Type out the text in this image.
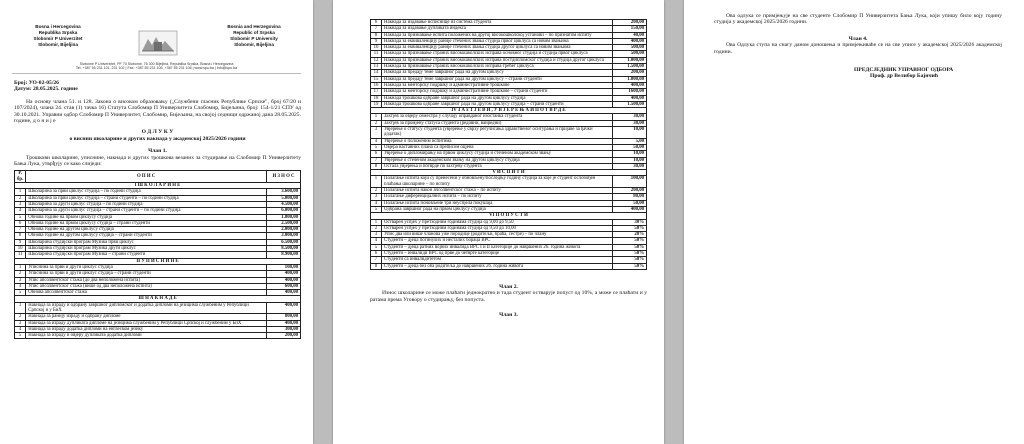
Bosna i Hercegovina
Republika Srpska
Slobomir P Univerzitet
Slobomir, Bijeljina
Bosnia and Herzegovina
Republic of Srpska
Slobomir P University
Slobomir, Bijeljina
Slobomir P Univerzitet, PF 70 Slobomir, 76 300 Bijeljina, Republika Srpska, Bosna i Hercegovina
Tel: +387 55 231 101, 231 102 | Fax: +387 55 231 105, +387 55 231 106 | www.spu.ba | info@spu.ba
Број: УО-02-05/26
Датум: 28.05.2025. године
На основу члана 51. и 128. Закона о високом образовању („Службени гласник Републике Српске", број 67/20 и 107/2024), члана 24. став (1) тачка 16) Статута Слобомир П Универзитета Слобомир, Бијељина, број: 154-1/21 СПУ од 30.10.2021. Управни одбор Слобомир П Универзитет, Слобомир, Бијељина, на својој седници одржаној дана 28.05.2025. године, д о н и ј е
О Д Л У К У
о висини школарине и других накнада у академској 2025/2026 години
Члан 1.
Трошкови школарине, уписнине, накнада и других трошкова везаних за студирање на Слобомир П Универзитету Бања Лука, утврђују се како слиједи:
Р. бр.	О П И С	И З Н О С
I Ш К О Л А Р И Н Е		
1	Школарина за први циклус студија – по години студија	3.600,00
2	Школарина за први циклус студија – страни студенти – по години студија	5.000,00
3	Школарина за други циклус студија – по години студија	4.500,00
4	Школарина за други циклус студија – страни студенти – по години студија	6.000,00
5	Обнова године на првом циклусу студија	1.800,00
6	Обнова године на првом циклусу студија – страни студенти	2.500,00
7	Обнова године на другом циклусу студија	2.000,00
8	Обнова године на другом циклусу студија – страни студенти	3.000,00
9	Школарина студијски програм Музика први циклус	6.500,00
10	Школарина студијски програм Музика други циклус	8.500,00
11	Школарина студијски програм Музика – страни студенти	8.900,00
II У П И С Н И Н Е		
1	Уписнина за први и други циклус студија	100,00
2	Уписнина за први и други циклус студија – страни студенти	400,00
3	Упис апсолвентског стажа (до два неположена испита)	400,00
4	Упис апсолвентског стажа (више од два неположена испита)	600,00
5	Обнова апсолвентског стажа	400,00
III Н А К Н А Д Е		
1	Накнада за израду и одбрану завршног дипломског и додатка дипломи на језицима службеним у Републици Српској и у БиХ	400,00
2	Накнада за ранију израду и одбрану дипломе	800,00
3	Накнада за израду дупликата дипломе на језицима службеним у Републици Српској и службеним у БиХ	400,00
4	Накнада за израду додатка дипломи на енглеском језику	300,00
5	Накнада за израду и овјеру дупликата додатка дипломи	200,00
6	Накнада за издавање исписнице из система студента	200,00
7	Накнада за издавање дупликата индекса	150,00
8	Накнада за признавање испита положених на другој високошколској установи – по признатом испиту	40,00
9	Накнада за еквиваленцију раније стечених звања студија првог циклуса са новим звањима	400,00
10	Накнада за еквиваленцију раније стечених звања студија другог циклуса са новим звањима	500,00
11	Накнада за признавање страних високошколских исправа основног студија и студија првог циклуса	500,00
12	Накнада за признавање страних високошколских исправа постдипломског студија и студија другог циклуса	1.000,00
13	Накнада за признавање страних високошколских исправа трећег циклуса	1.500,00
14	Накнада за предају теме завршног рада на другом циклусу	200,00
15	Накнада за предају теме завршног рада на другом циклусу – страни студенти	1.000,00
16	Накнада за менторску подршку и административне трошкове	400,00
17	Накнада за менторску подршку и административне трошкове – страни студенти	1600,00
18	Накнада трошкова одбране завршног рада на другом циклусу студија	400,00
19	Накнада трошкова одбране завршног рада на другом циклусу студија – страни студенти	1.500,00
IV З А х Т Ј Е В И , У В Ј Е Р Е Њ А И П О Т В Р Д Е		
1	Захтјев за овјеру семестра у случају оправданог изостанка студента	30,00
2	Захтјев за промјену статуса студента (редовни, ванредни)	30,00
3	Увјерење о статусу студента (увјерење у сврху регулисања здравственог осигурања и пријаве за ђачки додатак)	10,00
4	Увјерење о положеним испитима	5,00
5	Овјера наставних плана са преписом оцјена	50,00
6	Увјерење о дипломирању на првом циклусу студија и стеченом академском звању	10,00
7	Увјерење о стеченом академском звању на другом циклусу студија	10,00
8	Остала увјерења и потврде по захтјеву студента	30,00
V И С П И Т И		
1	Полагање испита који су пренесени у обновљену/последњу годину студија за које је студент ослобођен плаћања школарине – по испиту	100,00
2	Полагање испита након апсолвентског стажа – по испиту	200,00
3	Полагање диференцијалних испита – по испиту	80,00
4	Полагање испита поновљене три неуспјела покушаја	50,00
5	Одбрана завршног рада на првом циклусу студија	400,00
VI П О П У С Т И		
1	Остварен успјех у претходним годинама студија од 9,00 до 9,50	30%
2	Остварен успјех у претходним годинама студија од 9,50 до 10,00	50%
3	Упис два или више чланова уже породице (родитељи, браћа, сестре) – по члану	20%
4	Студенти – дјеца погинулих и несталих бораца ВРС	50%
5	Студенти – дјеца ратних војних инвалида ВРС I и II категорије до навршених 26. година живота	50%
6	Студенти – инвалиди ВРС од прве до четврте категорије	50%
7	Студенти са инвалидитетом	50%
8	Студенти – дјеца без оба родитеља до навршених 26. година живота	50%
Члан 2.
Износ школарине се може плаћати једнократно и тада студент остварује попуст од 10%, а може се плаћати и у ратама према Уговору о студирању, без попуста.
Члан 3.
Ова одлука се примјењује на све студенте Слобомир П Универзитета Бања Лука, који упишу било коју годину студија у академској 2025/2026 години.
Члан 4.
Ова Одлука ступа на снагу даном доношења и примјењиваће се на све уписе у академској 2025/2026 академској години.
ПРЕДСЈЕДНИК УПРАВНОГ ОДБОРА
Проф. др Велибор Бајичић
